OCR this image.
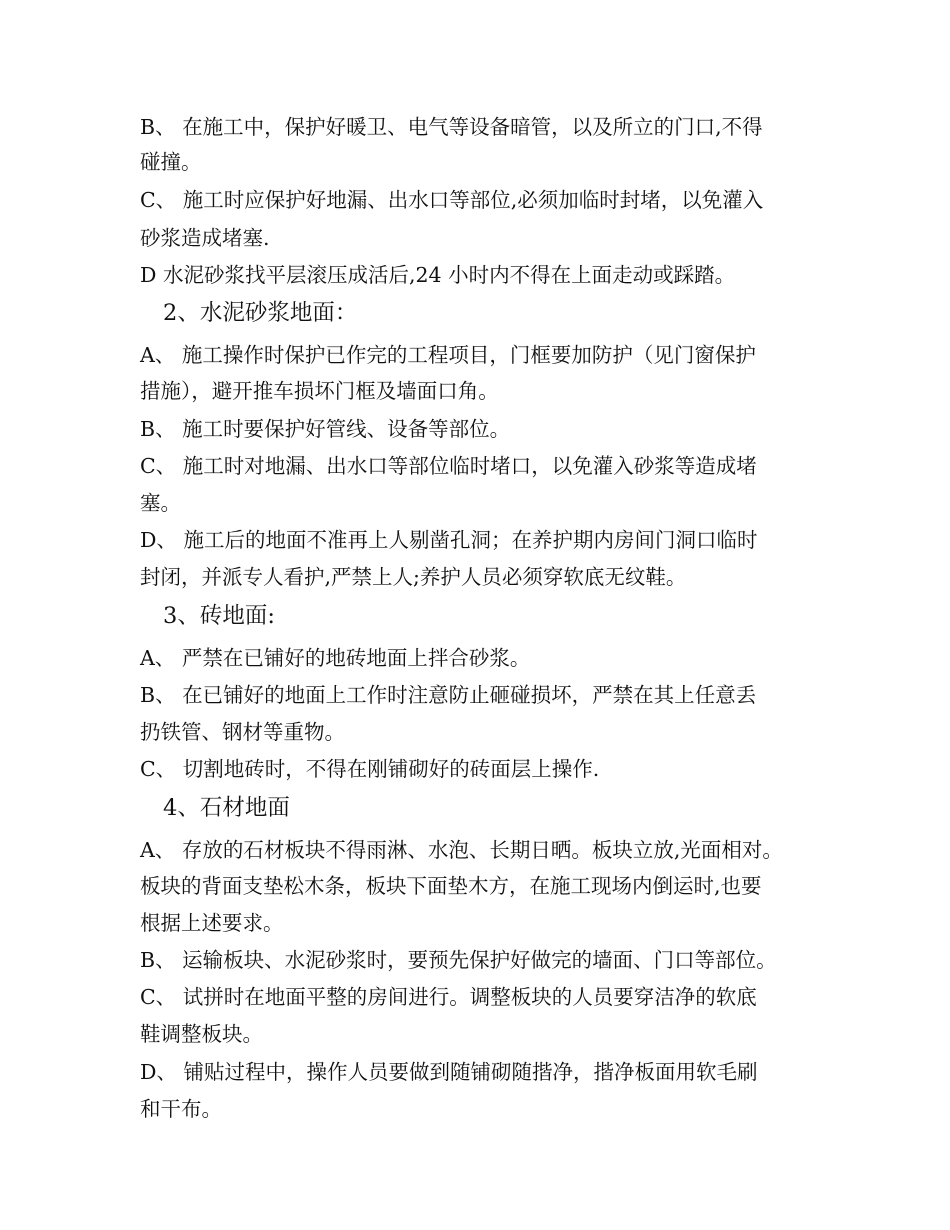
B、 在施工中，保护好暖卫、电气等设备暗管，以及所立的门口,不得
碰撞。
C、 施工时应保护好地漏、出水口等部位,必须加临时封堵，以免灌入
砂浆造成堵塞.
D 水泥砂浆找平层滚压成活后,24 小时内不得在上面走动或踩踏。
2、水泥砂浆地面：
A、 施工操作时保护已作完的工程项目，门框要加防护（见门窗保护
措施），避开推车损坏门框及墙面口角。
B、 施工时要保护好管线、设备等部位。
C、 施工时对地漏、出水口等部位临时堵口，以免灌入砂浆等造成堵
塞。
D、 施工后的地面不准再上人剔凿孔洞；在养护期内房间门洞口临时
封闭，并派专人看护,严禁上人;养护人员必须穿软底无纹鞋。
3、砖地面:
A、 严禁在已铺好的地砖地面上拌合砂浆。
B、 在已铺好的地面上工作时注意防止砸碰损坏，严禁在其上任意丢
扔铁管、钢材等重物。
C、 切割地砖时，不得在刚铺砌好的砖面层上操作.
4、石材地面
A、 存放的石材板块不得雨淋、水泡、长期日晒。板块立放,光面相对。
板块的背面支垫松木条，板块下面垫木方，在施工现场内倒运时,也要
根据上述要求。
B、 运输板块、水泥砂浆时，要预先保护好做完的墙面、门口等部位。
C、 试拼时在地面平整的房间进行。调整板块的人员要穿洁净的软底
鞋调整板块。
D、 铺贴过程中，操作人员要做到随铺砌随揩净，揩净板面用软毛刷
和干布。
